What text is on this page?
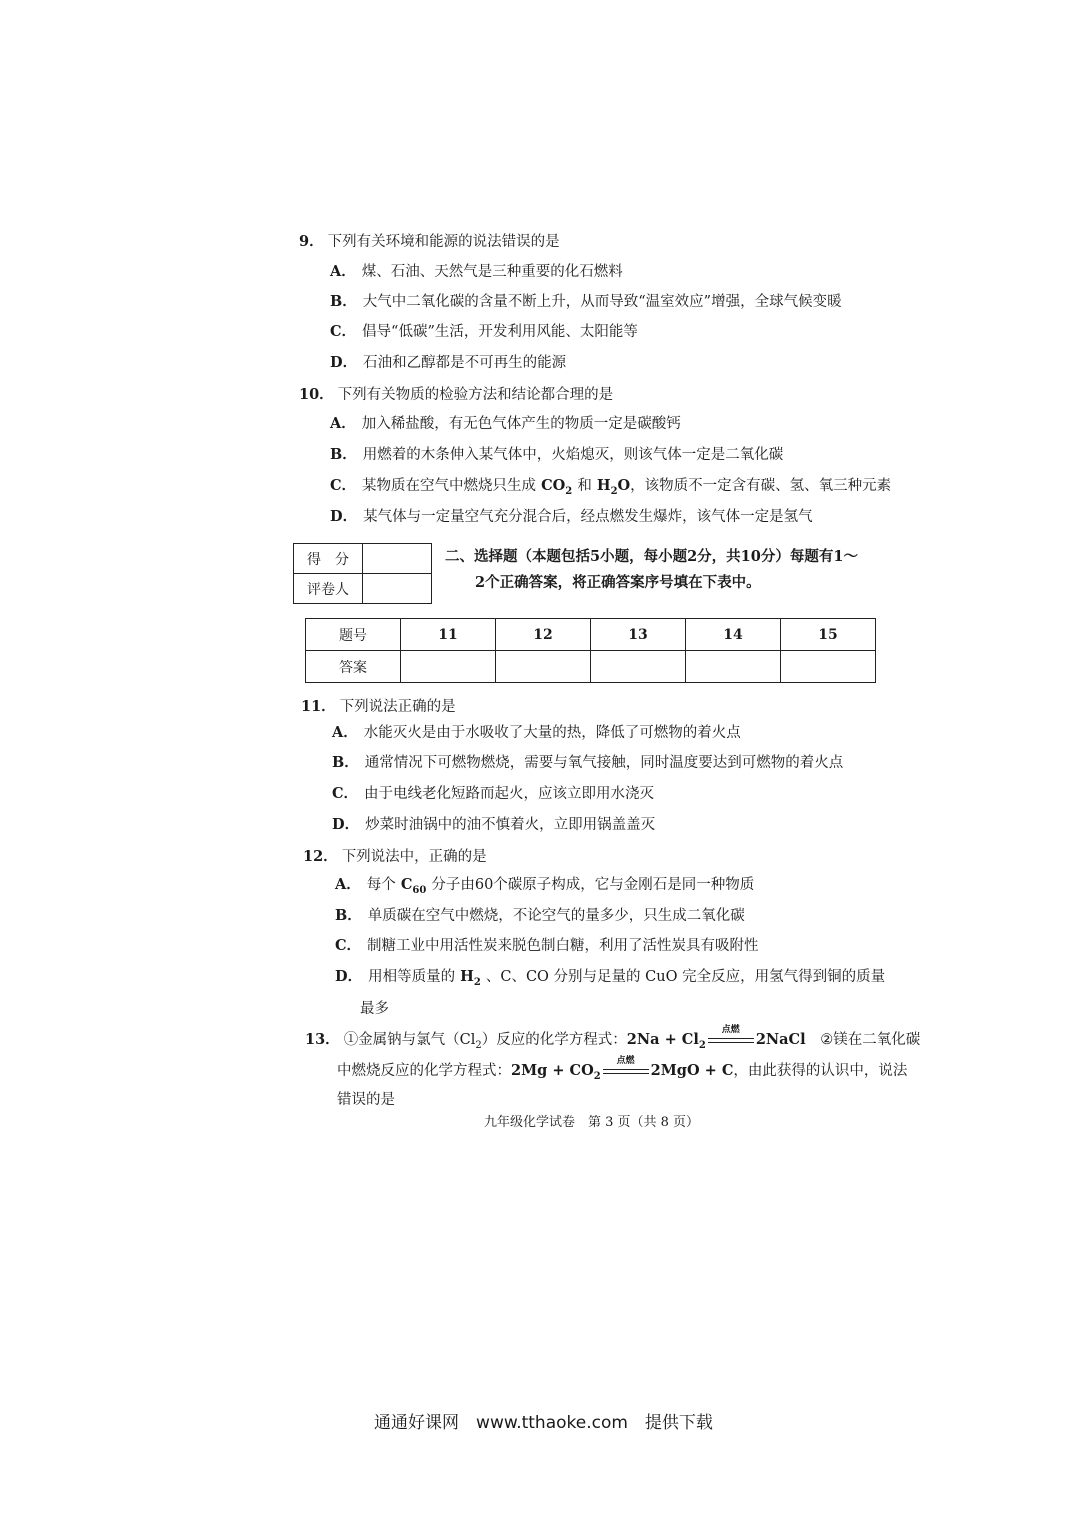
9． 下列有关环境和能源的说法错误的是
A． 煤、石油、天然气是三种重要的化石燃料
B． 大气中二氧化碳的含量不断上升，从而导致“温室效应”增强，全球气候变暖
C． 倡导“低碳”生活，开发利用风能、太阳能等
D． 石油和乙醇都是不可再生的能源
10． 下列有关物质的检验方法和结论都合理的是
A． 加入稀盐酸，有无色气体产生的物质一定是碳酸钙
B． 用燃着的木条伸入某气体中，火焰熄灭，则该气体一定是二氧化碳
C． 某物质在空气中燃烧只生成 $CO_2$ 和 $H_2O$，该物质不一定含有碳、氢、氧三种元素
D． 某气体与一定量空气充分混合后，经点燃发生爆炸，该气体一定是氢气
得　分	
评卷人	
二、选择题（本题包括5小题，每小题2分，共10分）每题有1～
2个正确答案，将正确答案序号填在下表中。
题号	11	12	13	14	15
答案					
11． 下列说法正确的是
A． 水能灭火是由于水吸收了大量的热，降低了可燃物的着火点
B． 通常情况下可燃物燃烧，需要与氧气接触，同时温度要达到可燃物的着火点
C． 由于电线老化短路而起火，应该立即用水浇灭
D． 炒菜时油锅中的油不慎着火，立即用锅盖盖灭
12． 下列说法中，正确的是
A． 每个 $C_{60}$ 分子由60个碳原子构成，它与金刚石是同一种物质
B． 单质碳在空气中燃烧，不论空气的量多少，只生成二氧化碳
C． 制糖工业中用活性炭来脱色制白糖，利用了活性炭具有吸附性
D． 用相等质量的 $H_2$ 、C、CO 分别与足量的 CuO 完全反应，用氢气得到铜的质量
最多
13． ①金属钠与氯气$(Cl_2)$反应的化学方程式：$2Na + Cl_2$
点燃
2NaCl ②镁在二氧化碳
中燃烧反应的化学方程式：$2Mg + CO_2$
点燃
2MgO + C，由此获得的认识中，说法
错误的是
九年级化学试卷　第 3 页（共 8 页）
通通好课网　www.tthaoke.com　提供下载
